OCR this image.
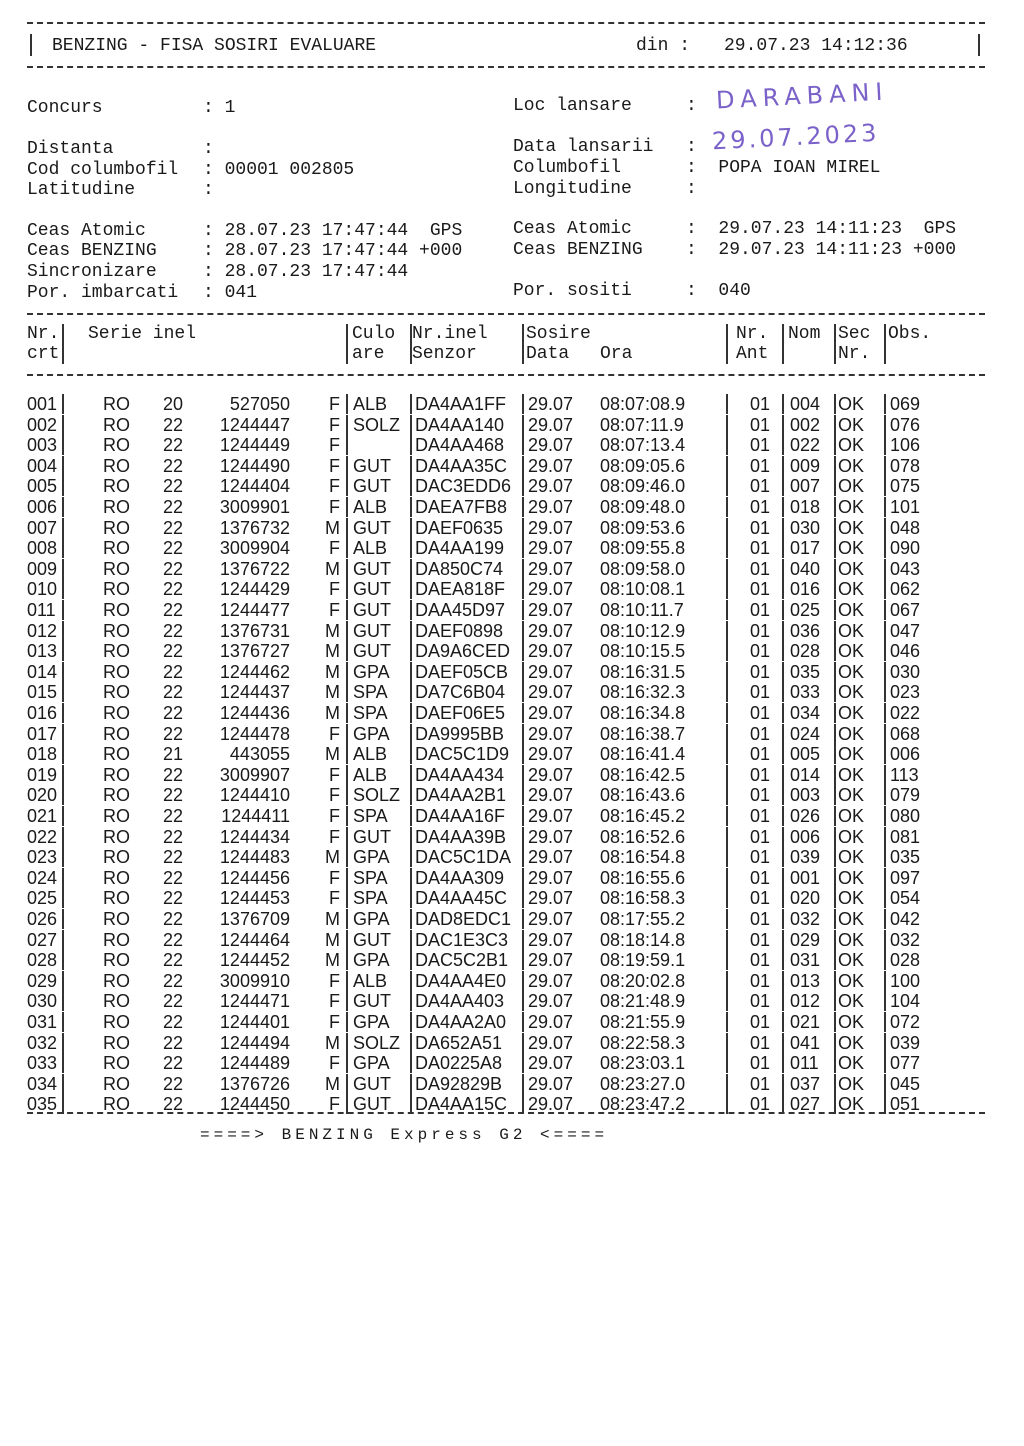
BENZING - FISA SOSIRI EVALUARE	din : 29.07.23 14:12:36
Concurs	: 1	Loc lansare	: DARABANI
Distanta	:	Data lansarii : 29.07.2023
Cod columbofil : 00001 002805	Columbofil	:  POPA IOAN MIREL
Latitudine	:	Longitudine	:
Ceas Atomic	: 28.07.23 17:47:44  GPS	Ceas Atomic	:  29.07.23 14:11:23  GPS
Ceas BENZING	: 28.07.23 17:47:44 +000	Ceas BENZING :  29.07.23 14:11:23 +000
Sincronizare	: 28.07.23 17:47:44
Por. imbarcati : 041	Por. sositi	:  040
Nr.
crt
Serie inel	Culo
are
Nr.inel
Senzor
Sosire
Data Ora
Nr.
Ant
Nom Sec
Nr.
Obs.
001	RO 20	527050 F ALB DA4AA1FF 29.07 08:07:08.9	01 004 OK 069
002	RO 22 1244447 F SOLZ DA4AA140 29.07 08:07:11.9	01 002 OK 076
003	RO 22 1244449 F	DA4AA468 29.07 08:07:13.4	01 022 OK 106
004	RO 22 1244490 F GUT DA4AA35C 29.07 08:09:05.6	01 009 OK 078
005	RO 22 1244404 F GUT DAC3EDD6 29.07 08:09:46.0	01 007 OK 075
006	RO 22 3009901 F ALB DAEA7FB8 29.07 08:09:48.0	01 018 OK 101
007	RO 22 1376732 M GUT DAEF0635 29.07 08:09:53.6	01 030 OK 048
008	RO 22 3009904 F ALB DA4AA199 29.07 08:09:55.8	01 017 OK 090
009	RO 22 1376722 M GUT DA850C74 29.07 08:09:58.0	01 040 OK 043
010	RO 22 1244429 F GUT DAEA818F 29.07 08:10:08.1	01 016 OK 062
011	RO 22 1244477 F GUT DAA45D97 29.07 08:10:11.7	01 025 OK 067
012	RO 22 1376731 M GUT DAEF0898 29.07 08:10:12.9	01 036 OK 047
013	RO 22 1376727 M GUT DA9A6CED 29.07 08:10:15.5	01 028 OK 046
014	RO 22 1244462 M GPA DAEF05CB 29.07 08:16:31.5	01 035 OK 030
015	RO 22 1244437 M SPA DA7C6B04 29.07 08:16:32.3	01 033 OK 023
016	RO 22 1244436 M SPA DAEF06E5 29.07 08:16:34.8	01 034 OK 022
017	RO 22 1244478 F GPA DA9995BB 29.07 08:16:38.7	01 024 OK 068
018	RO 21	443055 M ALB DAC5C1D9 29.07 08:16:41.4	01 005 OK 006
019	RO 22 3009907 F ALB DA4AA434 29.07 08:16:42.5	01 014 OK 113
020	RO 22 1244410 F SOLZ DA4AA2B1 29.07 08:16:43.6	01 003 OK 079
021	RO 22 1244411 F SPA DA4AA16F 29.07 08:16:45.2	01 026 OK 080
022	RO 22 1244434 F GUT DA4AA39B 29.07 08:16:52.6	01 006 OK 081
023	RO 22 1244483 M GPA DAC5C1DA 29.07 08:16:54.8	01 039 OK 035
024	RO 22 1244456 F SPA DA4AA309 29.07 08:16:55.6	01 001 OK 097
025	RO 22 1244453 F SPA DA4AA45C 29.07 08:16:58.3	01 020 OK 054
026	RO 22 1376709 M GPA DAD8EDC1 29.07 08:17:55.2	01 032 OK 042
027	RO 22 1244464 M GUT DAC1E3C3 29.07 08:18:14.8	01 029 OK 032
028	RO 22 1244452 M GPA DAC5C2B1 29.07 08:19:59.1	01 031 OK 028
029	RO 22 3009910 F ALB DA4AA4E0 29.07 08:20:02.8	01 013 OK 100
030	RO 22 1244471 F GUT DA4AA403 29.07 08:21:48.9	01 012 OK 104
031	RO 22 1244401 F GPA DA4AA2A0 29.07 08:21:55.9	01 021 OK 072
032	RO 22 1244494 M SOLZ DA652A51 29.07 08:22:58.3	01 041 OK 039
033	RO 22 1244489 F GPA DA0225A8 29.07 08:23:03.1	01 011 OK 077
034	RO 22 1376726 M GUT DA92829B 29.07 08:23:27.0	01 037 OK 045
035	RO 22 1244450 F GUT DA4AA15C 29.07 08:23:47.2	01 027 OK 051
====> BENZING Express G2 <====
